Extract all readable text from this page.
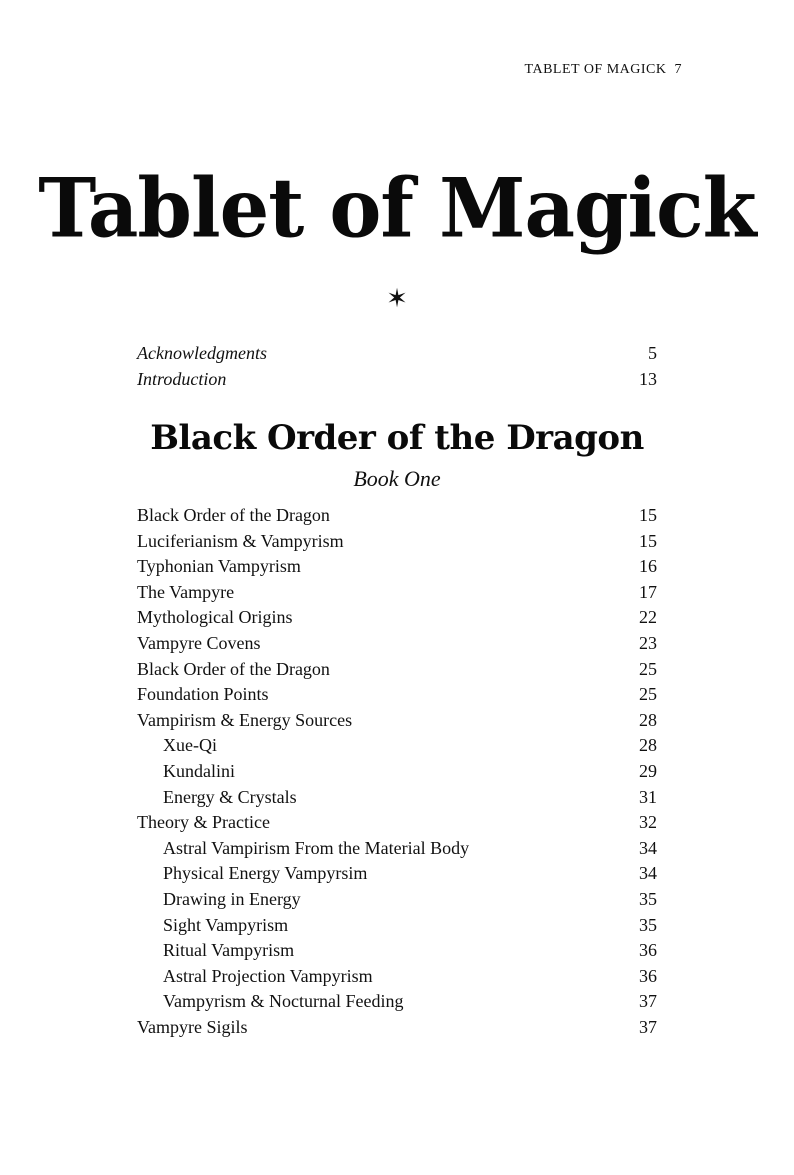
TABLET OF MAGICK 7
Tablet of Magick
✶
Acknowledgments	5
Introduction	13
Black Order of the Dragon
Book One
Black Order of the Dragon	15
Luciferianism & Vampyrism	15
Typhonian Vampyrism	16
The Vampyre	17
Mythological Origins	22
Vampyre Covens	23
Black Order of the Dragon	25
Foundation Points	25
Vampirism & Energy Sources	28
Xue-Qi	28
Kundalini	29
Energy & Crystals	31
Theory & Practice	32
Astral Vampirism From the Material Body	34
Physical Energy Vampyrsim	34
Drawing in Energy	35
Sight Vampyrism	35
Ritual Vampyrism	36
Astral Projection Vampyrism	36
Vampyrism & Nocturnal Feeding	37
Vampyre Sigils	37
